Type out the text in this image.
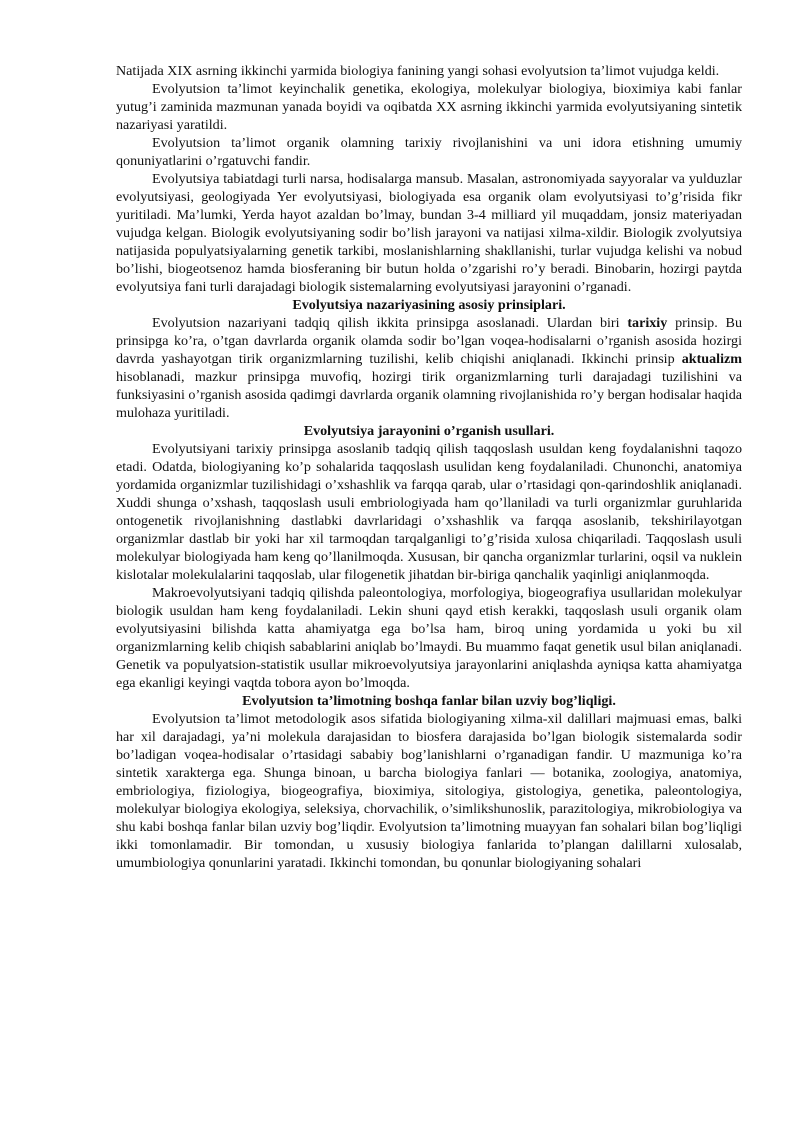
Natijada XIX asrning ikkinchi yarmida biologiya fanining yangi sohasi evolyutsion ta’limot vujudga keldi.

Evolyutsion ta’limot keyinchalik genetika, ekologiya, molekulyar biologiya, bioximiya kabi fanlar yutug’i zaminida mazmunan yanada boyidi va oqibatda XX asrning ikkinchi yarmida evolyutsiyaning sintetik nazariyasi yaratildi.

Evolyutsion ta’limot organik olamning tarixiy rivojlanishini va uni idora etishning umumiy qonuniyatlarini o’rgatuvchi fandir.

Evolyutsiya tabiatdagi turli narsa, hodisalarga mansub. Masalan, astronomiyada sayyoralar va yulduzlar evolyutsiyasi, geologiyada Yer evolyutsiyasi, biologiyada esa organik olam evolyutsiyasi to’g’risida fikr yuritiladi. Ma’lumki, Yerda hayot azaldan bo’lmay, bundan 3-4 milliard yil muqaddam, jonsiz materiyadan vujudga kelgan. Biologik evolyutsiyaning sodir bo’lish jarayoni va natijasi xilma-xildir. Biologik zvolyutsiya natijasida populyatsiyalarning genetik tarkibi, moslanishlarning shakllanishi, turlar vujudga kelishi va nobud bo’lishi, biogeotsenoz hamda biosferaning bir butun holda o’zgarishi ro’y beradi. Binobarin, hozirgi paytda evolyutsiya fani turli darajadagi biologik sistemalarning evolyutsiyasi jarayonini o’rganadi.

Evolyutsiya nazariyasining asosiy prinsiplari.

Evolyutsion nazariyani tadqiq qilish ikkita prinsipga asoslanadi. Ulardan biri tarixiy prinsip. Bu prinsipga ko’ra, o’tgan davrlarda organik olamda sodir bo’lgan voqea-hodisalarni o’rganish asosida hozirgi davrda yashayotgan tirik organizmlarning tuzilishi, kelib chiqishi aniqlanadi. Ikkinchi prinsip aktualizm hisoblanadi, mazkur prinsipga muvofiq, hozirgi tirik organizmlarning turli darajadagi tuzilishini va funksiyasini o’rganish asosida qadimgi davrlarda organik olamning rivojlanishida ro’y bergan hodisalar haqida mulohaza yuritiladi.

Evolyutsiya jarayonini o’rganish usullari.

Evolyutsiyani tarixiy prinsipga asoslanib tadqiq qilish taqqoslash usuldan keng foydalanishni taqozo etadi. Odatda, biologiyaning ko’p sohalarida taqqoslash usulidan keng foydalaniladi. Chunonchi, anatomiya yordamida organizmlar tuzilishidagi o’xshashlik va farqqa qarab, ular o’rtasidagi qon-qarindoshlik aniqlanadi. Xuddi shunga o’xshash, taqqoslash usuli embriologiyada ham qo’llaniladi va turli organizmlar guruhlarida ontogenetik rivojlanishning dastlabki davrlaridagi o’xshashlik va farqqa asoslanib, tekshirilayotgan organizmlar dastlab bir yoki har xil tarmoqdan tarqalganligi to’g’risida xulosa chiqariladi. Taqqoslash usuli molekulyar biologiyada ham keng qo’llanilmoqda. Xususan, bir qancha organizmlar turlarini, oqsil va nuklein kislotalar molekulalarini taqqoslab, ular filogenetik jihatdan bir-biriga qanchalik yaqinligi aniqlanmoqda.

Makroevolyutsiyani tadqiq qilishda paleontologiya, morfologiya, biogeografiya usullaridan molekulyar biologik usuldan ham keng foydalaniladi. Lekin shuni qayd etish kerakki, taqqoslash usuli organik olam evolyutsiyasini bilishda katta ahamiyatga ega bo’lsa ham, biroq uning yordamida u yoki bu xil organizmlarning kelib chiqish sabablarini aniqlab bo’lmaydi. Bu muammo faqat genetik usul bilan aniqlanadi. Genetik va populyatsion-statistik usullar mikroevolyutsiya jarayonlarini aniqlashda ayniqsa katta ahamiyatga ega ekanligi keyingi vaqtda tobora ayon bo’lmoqda.

Evolyutsion ta’limotning boshqa fanlar bilan uzviy bog’liqligi.

Evolyutsion ta’limot metodologik asos sifatida biologiyaning xilma-xil dalillari majmuasi emas, balki har xil darajadagi, ya’ni molekula darajasidan to biosfera darajasida bo’lgan biologik sistemalarda sodir bo’ladigan voqea-hodisalar o’rtasidagi sababiy bog’lanishlarni o’rganadigan fandir. U mazmuniga ko’ra sintetik xarakterga ega. Shunga binoan, u barcha biologiya fanlari — botanika, zoologiya, anatomiya, embriologiya, fiziologiya, biogeografiya, bioximiya, sitologiya, gistologiya, genetika, paleontologiya, molekulyar biologiya ekologiya, seleksiya, chorvachilik, o’simlikshunoslik, parazitologiya, mikrobiologiya va shu kabi boshqa fanlar bilan uzviy bog’liqdir. Evolyutsion ta’limotning muayyan fan sohalari bilan bog’liqligi ikki tomonlamadir. Bir tomondan, u xususiy biologiya fanlarida to’plangan dalillarni xulosalab, umumbiologiya qonunlarini yaratadi. Ikkinchi tomondan, bu qonunlar biologiyaning sohalari
